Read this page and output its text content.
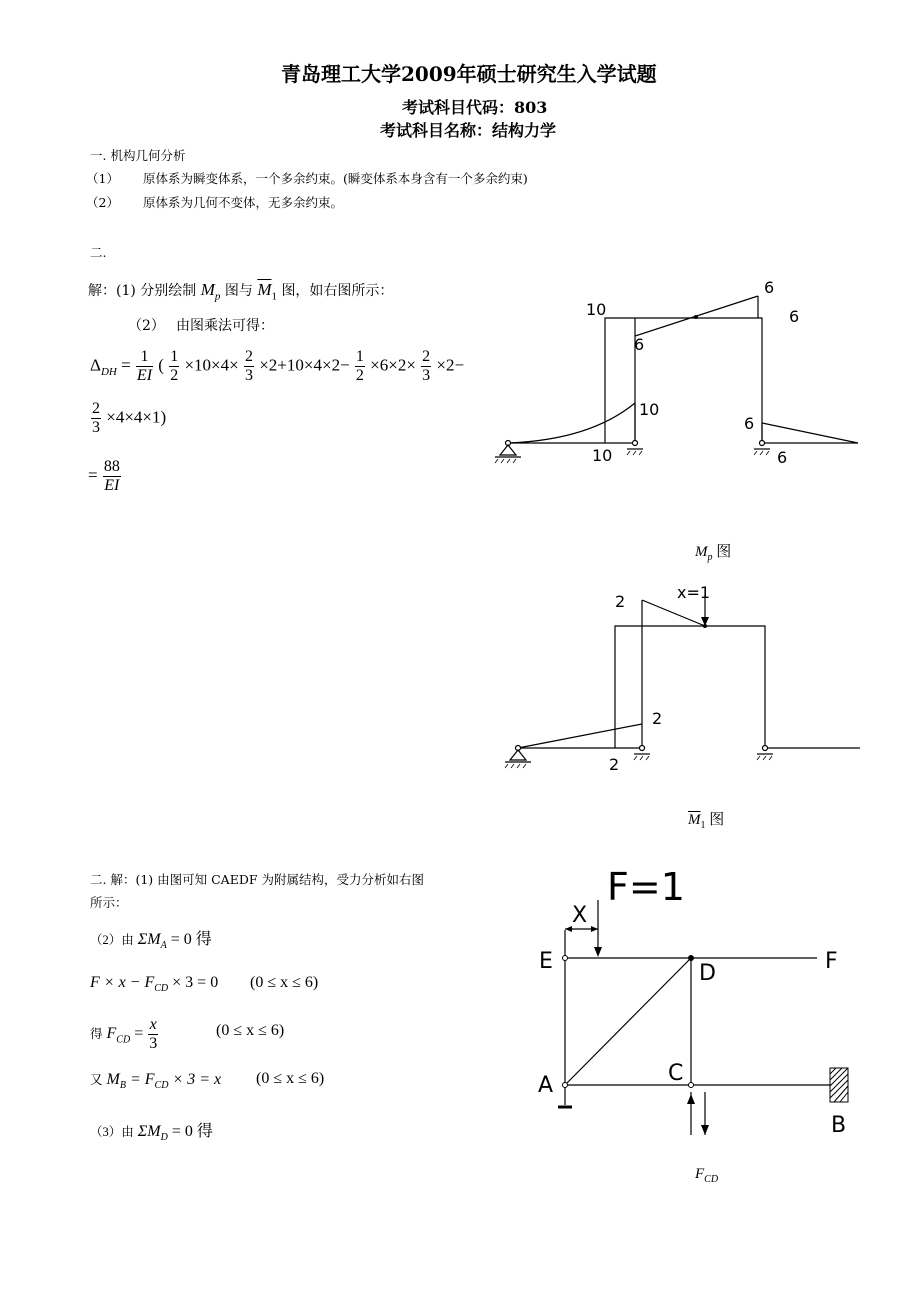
青岛理工大学2009年硕士研究生入学试题
考试科目代码：803
考试科目名称：结构力学
一. 机构几何分析
（1） 原体系为瞬变体系，一个多余约束。(瞬变体系本身含有一个多余约束)
（2） 原体系为几何不变体，无多余约束。
二.
解：(1) 分别绘制 $M_p$ 图与 $\overline{M}_1$ 图，如右图所示：
（2） 由图乘法可得：
$\Delta_{DH} = \frac{1}{EI}$ ( $\frac{1}{2} \times 10\times 4\times \frac{2}{3} \times 2+10\times 4\times 2- \frac{1}{2} \times 6\times 2\times \frac{2}{3} \times 2-$
$\frac{2}{3} \times 4\times 4\times 1$)
= $\frac{88}{EI}$
10
6
6
6
10
10
6
6
$M_p$ 图
x=1
2
2
2
$\overline{M}_1$ 图
二. 解：(1) 由图可知 CAEDF 为附属结构，受力分析如右图
所示：
（2）由 $\Sigma M_A = 0$ 得
$F \times x - F_{CD} \times 3 = 0$ (0 ≤ x ≤ 6)
得 $F_{CD} = \frac{x}{3}$	(0 ≤ x ≤ 6)
又 $M_B = F_{CD} \times 3 = x$ (0 ≤ x ≤ 6)
（3）由 $\Sigma M_D = 0$ 得
F=1
X
E	D	F
A	C
B
$F_{CD}$
